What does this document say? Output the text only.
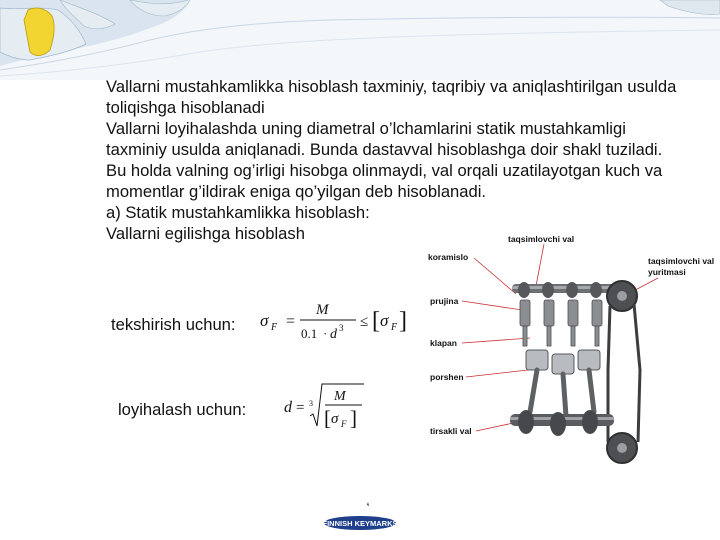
Vallarni mustahkamlikka hisoblash taxminiy, taqribiy va aniqlashtirilgan usulda toliqishga hisoblanadi

Vallarni loyihalashda uning diametral o’lchamlarini statik mustahkamligi taxminiy usulda aniqlanadi. Bunda dastavval hisoblashga doir shakl tuziladi. Bu holda valning og’irligi hisobga olinmaydi, val orqali uzatilayotgan kuch va momentlar g’ildirak eniga qo’yilgan deb hisoblanadi.

a) Statik mustahkamlikka hisoblash:

Vallarni egilishga hisoblash

tekshirish uchun:
loyihalash uchun:
σ F =
M
0.1 · d 3 ≤ [ σ F ]
d = 3 M
[ σ F ]
taqsimlovchi val
koramislo	taqsimlovchi val
yuritmasi
prujina
klapan
porshen
tirsakli val
FINNISH KEYMARKS
